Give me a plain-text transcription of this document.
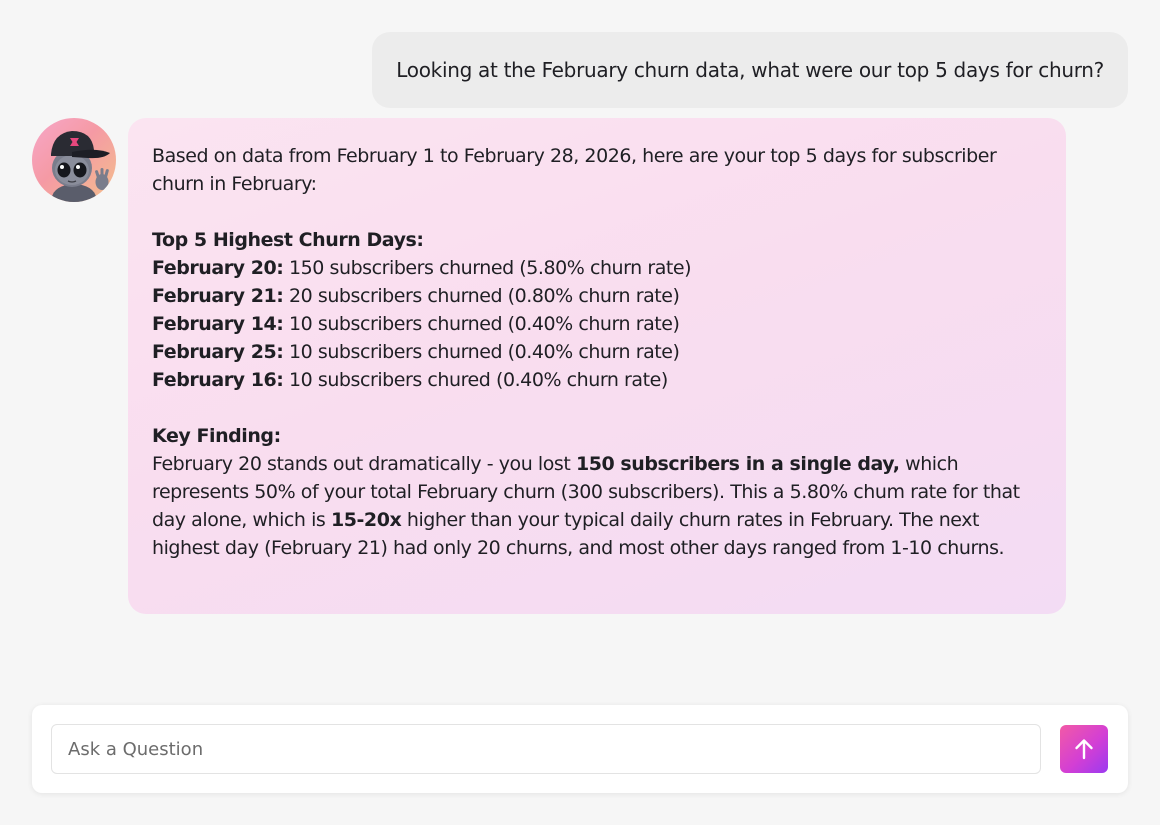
Looking at the February churn data, what were our top 5 days for churn?

Based on data from February 1 to February 28, 2026, here are your top 5 days for subscriber churn in February:

Top 5 Highest Churn Days:

February 20: 150 subscribers churned (5.80% churn rate)

February 21: 20 subscribers churned (0.80% churn rate)

February 14: 10 subscribers churned (0.40% churn rate)

February 25: 10 subscribers churned (0.40% churn rate)

February 16: 10 subscribers chured (0.40% churn rate)

Key Finding:

February 20 stands out dramatically - you lost 150 subscribers in a single day, which represents 50% of your total February churn (300 subscribers). This a 5.80% chum rate for that day alone, which is 15-20x higher than your typical daily churn rates in February. The next highest day (February 21) had only 20 churns, and most other days ranged from 1-10 churns.

Ask a Question
